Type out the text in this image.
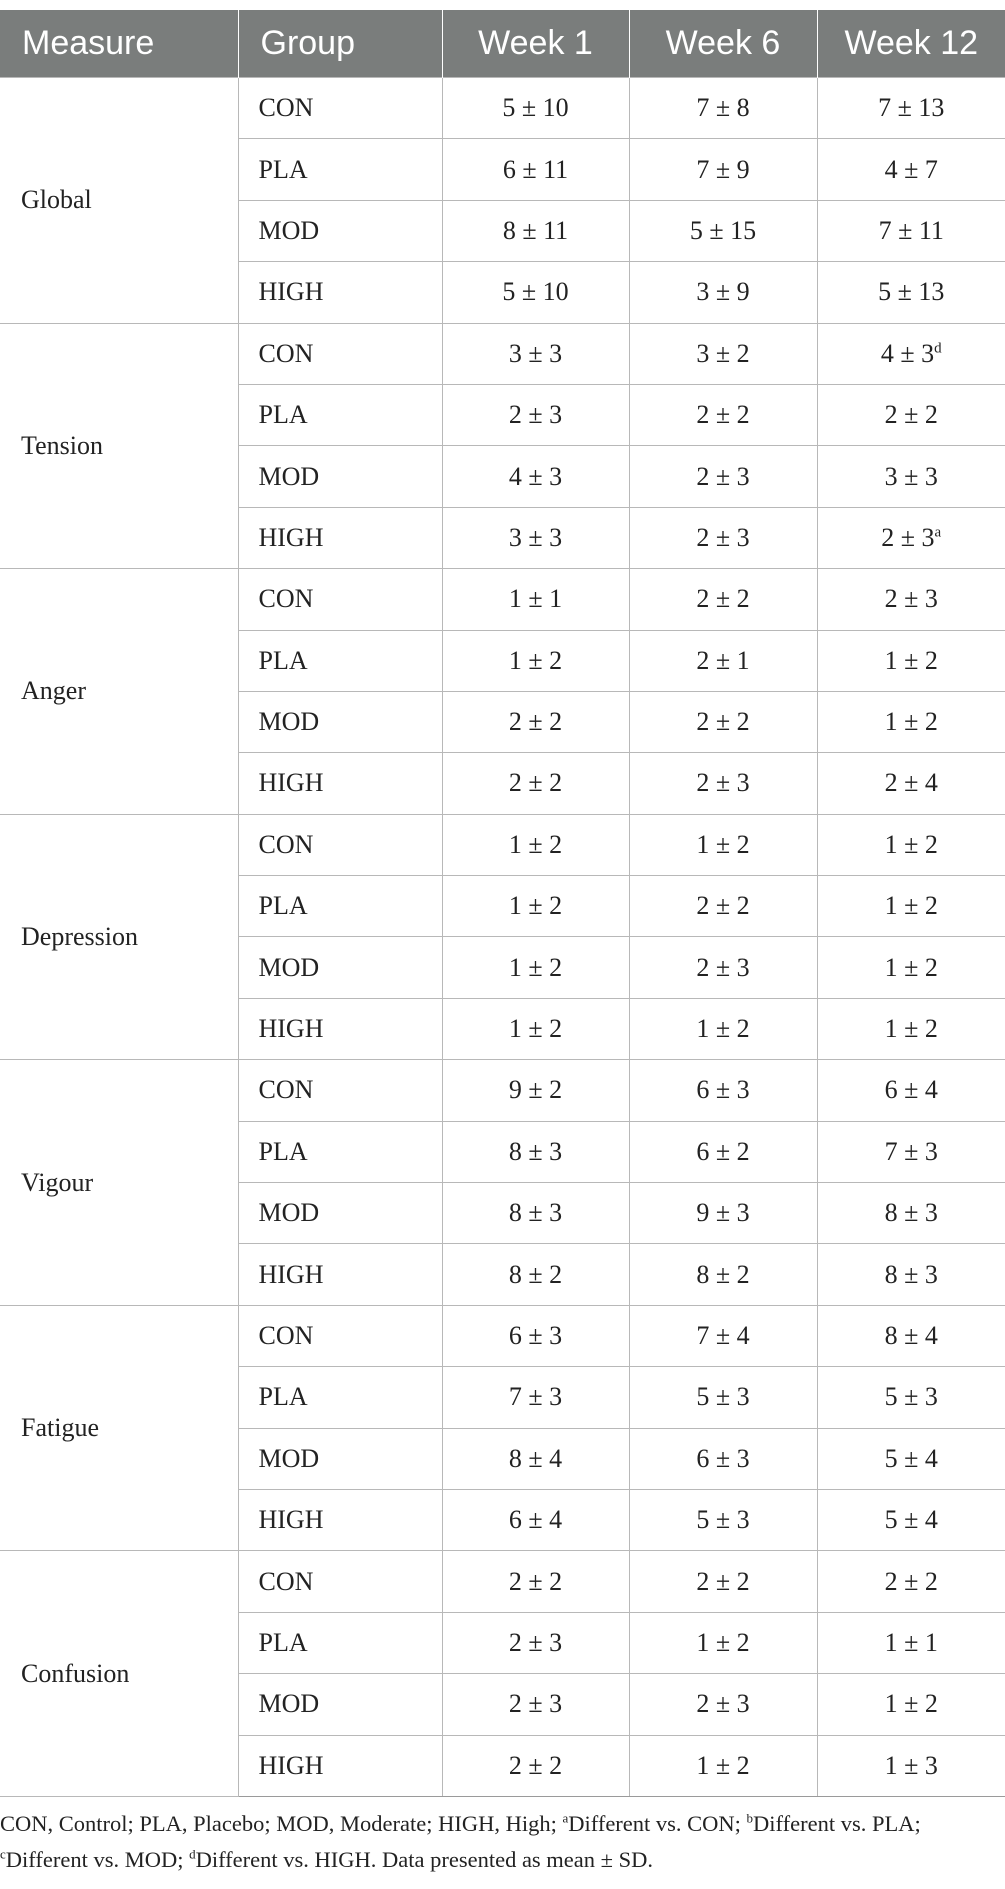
Measure	Group	Week 1	Week 6	Week 12
Global	CON	5 ± 10	7 ± 8	7 ± 13
	PLA	6 ± 11	7 ± 9	4 ± 7
	MOD	8 ± 11	5 ± 15	7 ± 11
	HIGH	5 ± 10	3 ± 9	5 ± 13
Tension	CON	3 ± 3	3 ± 2	$4 \pm 3^d$
	PLA	2 ± 3	2 ± 2	2 ± 2
	MOD	4 ± 3	2 ± 3	3 ± 3
	HIGH	3 ± 3	2 ± 3	$2 \pm 3^a$
Anger	CON	1 ± 1	2 ± 2	2 ± 3
	PLA	1 ± 2	2 ± 1	1 ± 2
	MOD	2 ± 2	2 ± 2	1 ± 2
	HIGH	2 ± 2	2 ± 3	2 ± 4
Depression	CON	1 ± 2	1 ± 2	1 ± 2
	PLA	1 ± 2	2 ± 2	1 ± 2
	MOD	1 ± 2	2 ± 3	1 ± 2
	HIGH	1 ± 2	1 ± 2	1 ± 2
Vigour	CON	9 ± 2	6 ± 3	6 ± 4
	PLA	8 ± 3	6 ± 2	7 ± 3
	MOD	8 ± 3	9 ± 3	8 ± 3
	HIGH	8 ± 2	8 ± 2	8 ± 3
Fatigue	CON	6 ± 3	7 ± 4	8 ± 4
	PLA	7 ± 3	5 ± 3	5 ± 3
	MOD	8 ± 4	6 ± 3	5 ± 4
	HIGH	6 ± 4	5 ± 3	5 ± 4
Confusion	CON	2 ± 2	2 ± 2	2 ± 2
	PLA	2 ± 3	1 ± 2	1 ± 1
	MOD	2 ± 3	2 ± 3	1 ± 2
	HIGH	2 ± 2	1 ± 2	1 ± 3
CON, Control; PLA, Placebo; MOD, Moderate; HIGH, High; $^a$Different vs. CON; $^b$Different vs. PLA; $^c$Different vs. MOD; $^d$Different vs. HIGH. Data presented as mean ± SD.
